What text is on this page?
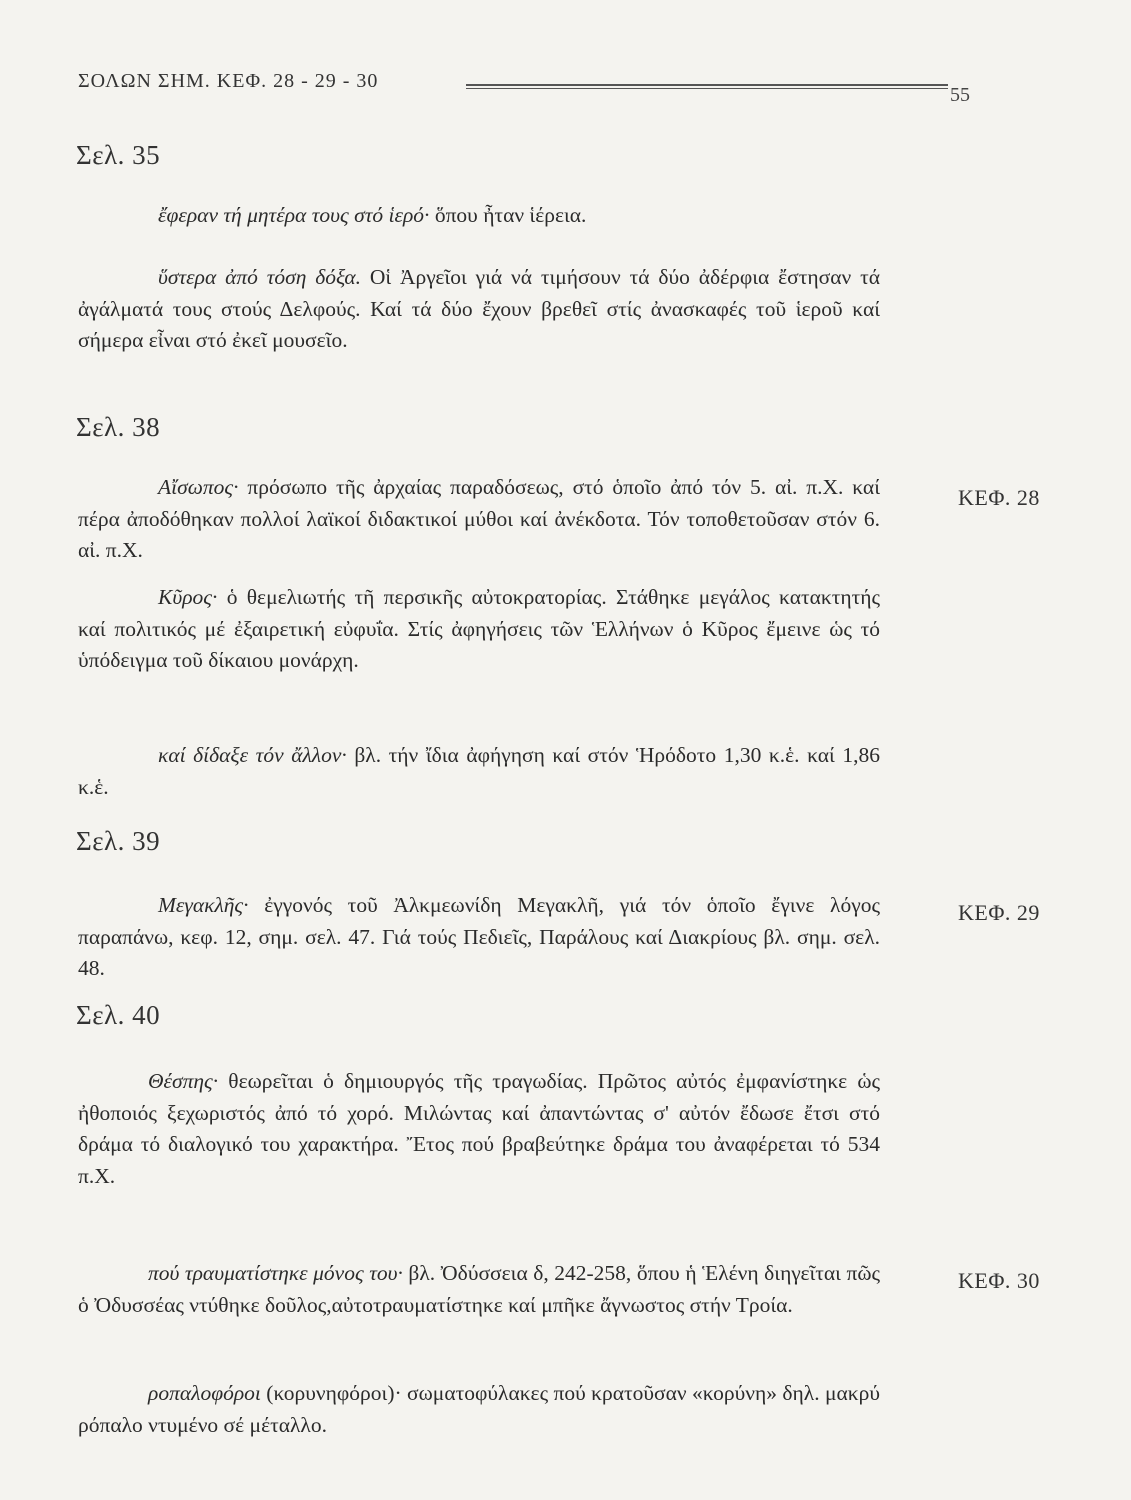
ΣΟΛΩΝ ΣΗΜ. ΚΕΦ. 28 - 29 - 30
55
Σελ. 35
ἔφεραν τή μητέρα τους στό ἱερό· ὅπου ἦταν ἱέρεια.
ὕστερα ἀπό τόση δόξα. Οἱ Ἀργεῖοι γιά νά τιμήσουν τά δύο ἀδέρφια ἔστησαν τά ἀγάλματά τους στούς Δελφούς. Καί τά δύο ἔχουν βρεθεῖ στίς ἀνασκαφές τοῦ ἱεροῦ καί σήμερα εἶναι στό ἐκεῖ μουσεῖο.
Σελ. 38
Αἴσωπος· πρόσωπο τῆς ἀρχαίας παραδόσεως, στό ὁποῖο ἀπό τόν 5. αἰ. π.Χ. καί πέρα ἀποδόθηκαν πολλοί λαϊκοί διδακτικοί μύθοι καί ἀνέκδοτα. Τόν τοποθετοῦσαν στόν 6. αἰ. π.Χ.
ΚΕΦ. 28
Κῦρος· ὁ θεμελιωτής τῆ περσικῆς αὐτοκρατορίας. Στάθηκε μεγάλος κατακτητής καί πολιτικός μέ ἐξαιρετική εὐφυΐα. Στίς ἀφηγήσεις τῶν Ἑλλήνων ὁ Κῦρος ἔμεινε ὡς τό ὑπόδειγμα τοῦ δίκαιου μονάρχη.
καί δίδαξε τόν ἄλλον· βλ. τήν ἴδια ἀφήγηση καί στόν Ἡρόδοτο 1,30 κ.ἑ. καί 1,86 κ.ἑ.
Σελ. 39
Μεγακλῆς· ἐγγονός τοῦ Ἀλκμεωνίδη Μεγακλῆ, γιά τόν ὁποῖο ἔγινε λόγος παραπάνω, κεφ. 12, σημ. σελ. 47. Γιά τούς Πεδιεῖς, Παράλους καί Διακρίους βλ. σημ. σελ. 48.
ΚΕΦ. 29
Σελ. 40
Θέσπης· θεωρεῖται ὁ δημιουργός τῆς τραγωδίας. Πρῶτος αὐτός ἐμφανίστηκε ὡς ἠθοποιός ξεχωριστός ἀπό τό χορό. Μιλώντας καί ἀπαντώντας σ' αὐτόν ἔδωσε ἔτσι στό δράμα τό διαλογικό του χαρακτήρα. Ἔτος πού βραβεύτηκε δράμα του ἀναφέρεται τό 534 π.Χ.
πού τραυματίστηκε μόνος του· βλ. Ὀδύσσεια δ, 242-258, ὅπου ἡ Ἑλένη διηγεῖται πῶς ὁ Ὀδυσσέας ντύθηκε δοῦλος,αὐτοτραυματίστηκε καί μπῆκε ἄγνωστος στήν Τροία.
ΚΕΦ. 30
ροπαλοφόροι (κορυνηφόροι)· σωματοφύλακες πού κρατοῦσαν «κορύνη» δηλ. μακρύ ρόπαλο ντυμένο σέ μέταλλο.
